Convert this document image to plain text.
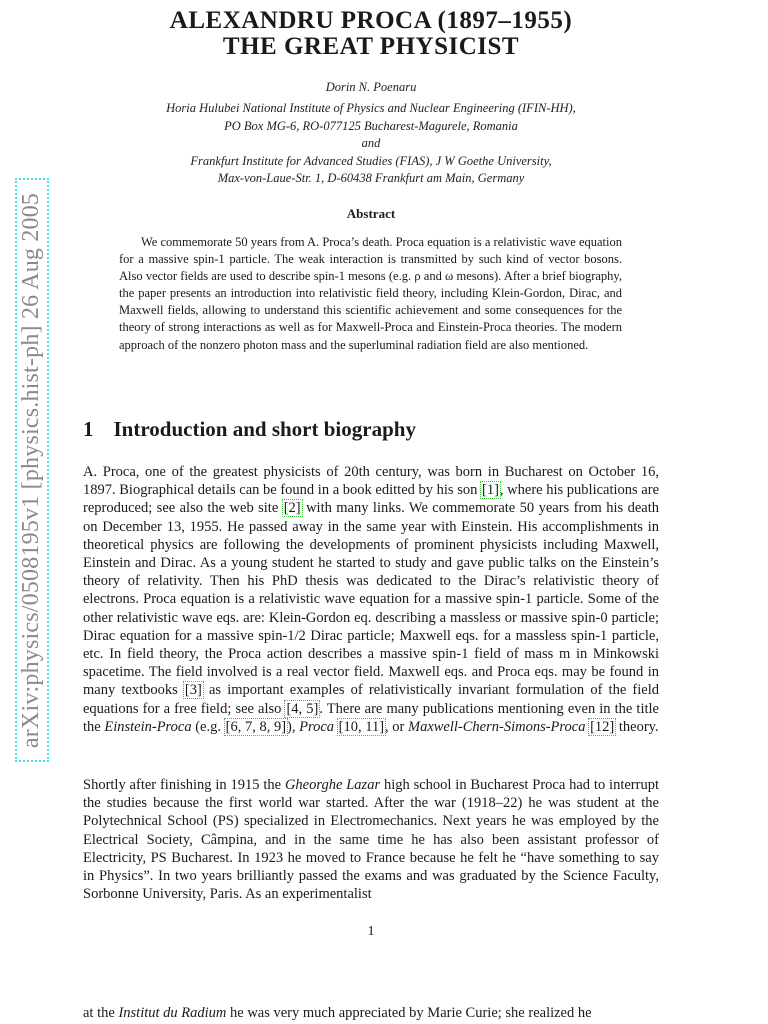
arXiv:physics/0508195v1 [physics.hist-ph] 26 Aug 2005
ALEXANDRU PROCA (1897–1955)
THE GREAT PHYSICIST
Dorin N. Poenaru
Horia Hulubei National Institute of Physics and Nuclear Engineering (IFIN-HH),
PO Box MG-6, RO-077125 Bucharest-Magurele, Romania
and
Frankfurt Institute for Advanced Studies (FIAS), J W Goethe University,
Max-von-Laue-Str. 1, D-60438 Frankfurt am Main, Germany
Abstract

We commemorate 50 years from A. Proca’s death. Proca equation is a relativistic wave equation for a massive spin-1 particle. The weak interaction is transmitted by such kind of vector bosons. Also vector fields are used to describe spin-1 mesons (e.g. ρ and ω mesons). After a brief biography, the paper presents an introduction into relativistic field theory, including Klein-Gordon, Dirac, and Maxwell fields, allowing to understand this scientific achievement and some consequences for the theory of strong interactions as well as for Maxwell-Proca and Einstein-Proca theories. The modern approach of the nonzero photon mass and the superluminal radiation field are also mentioned.

1 Introduction and short biography

A. Proca, one of the greatest physicists of 20th century, was born in Bucharest on October 16, 1897. Biographical details can be found in a book editted by his son [1], where his publications are reproduced; see also the web site [2] with many links. We commemorate 50 years from his death on December 13, 1955. He passed away in the same year with Einstein. His accomplishments in theoretical physics are following the developments of prominent physicists including Maxwell, Einstein and Dirac. As a young student he started to study and gave public talks on the Einstein’s theory of relativity. Then his PhD thesis was dedicated to the Dirac’s relativistic theory of electrons. Proca equation is a relativistic wave equation for a massive spin-1 particle. Some of the other relativistic wave eqs. are: Klein-Gordon eq. describing a massless or massive spin-0 particle; Dirac equation for a massive spin-1/2 Dirac particle; Maxwell eqs. for a massless spin-1 particle, etc. In field theory, the Proca action describes a massive spin-1 field of mass m in Minkowski spacetime. The field involved is a real vector field. Maxwell eqs. and Proca eqs. may be found in many textbooks [3] as important examples of relativistically invariant formulation of the field equations for a free field; see also [4, 5]. There are many publications mentioning even in the title the Einstein-Proca (e.g. [6, 7, 8, 9]), Proca [10, 11], or Maxwell-Chern-Simons-Proca [12] theory.

Shortly after finishing in 1915 the Gheorghe Lazar high school in Bucharest Proca had to interrupt the studies because the first world war started. After the war (1918–22) he was student at the Polytechnical School (PS) specialized in Electromechanics. Next years he was employed by the Electrical Society, Câmpina, and in the same time he has also been assistant professor of Electricity, PS Bucharest. In 1923 he moved to France because he felt he “have something to say in Physics”. In two years brilliantly passed the exams and was graduated by the Science Faculty, Sorbonne University, Paris. As an experimentalist

1

at the Institut du Radium he was very much appreciated by Marie Curie; she realized he
